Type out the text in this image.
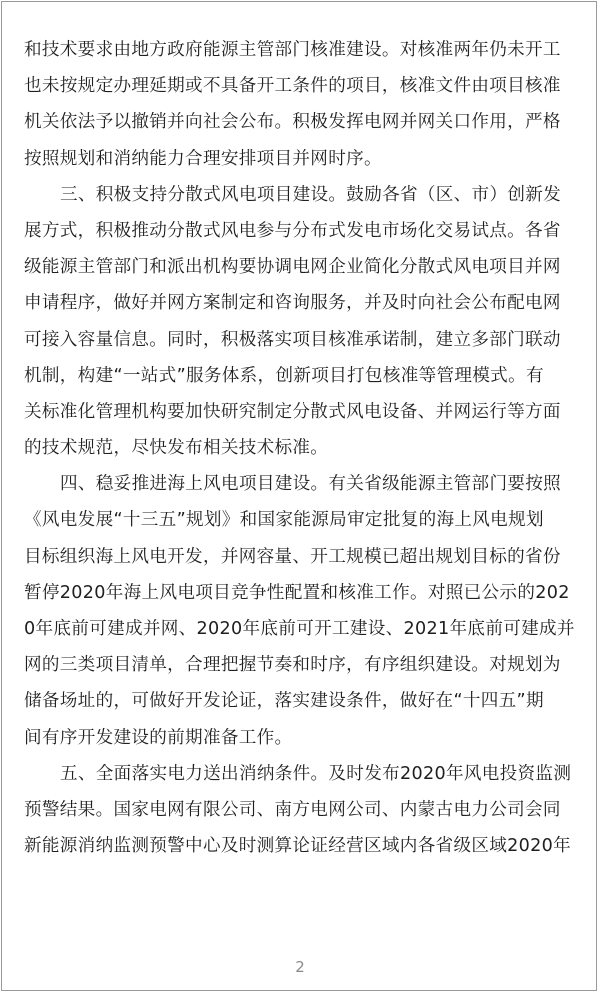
和技术要求由地方政府能源主管部门核准建设。对核准两年仍未开工
也未按规定办理延期或不具备开工条件的项目，核准文件由项目核准
机关依法予以撤销并向社会公布。积极发挥电网并网关口作用，严格
按照规划和消纳能力合理安排项目并网时序。
三、积极支持分散式风电项目建设。鼓励各省（区、市）创新发
展方式，积极推动分散式风电参与分布式发电市场化交易试点。各省
级能源主管部门和派出机构要协调电网企业简化分散式风电项目并网
申请程序，做好并网方案制定和咨询服务，并及时向社会公布配电网
可接入容量信息。同时，积极落实项目核准承诺制，建立多部门联动
机制，构建“一站式”服务体系，创新项目打包核准等管理模式。有
关标准化管理机构要加快研究制定分散式风电设备、并网运行等方面
的技术规范，尽快发布相关技术标准。
四、稳妥推进海上风电项目建设。有关省级能源主管部门要按照
《风电发展“十三五”规划》和国家能源局审定批复的海上风电规划
目标组织海上风电开发，并网容量、开工规模已超出规划目标的省份
暂停2020年海上风电项目竞争性配置和核准工作。对照已公示的202
0年底前可建成并网、2020年底前可开工建设、2021年底前可建成并
网的三类项目清单，合理把握节奏和时序，有序组织建设。对规划为
储备场址的，可做好开发论证，落实建设条件，做好在“十四五”期
间有序开发建设的前期准备工作。
五、全面落实电力送出消纳条件。及时发布2020年风电投资监测
预警结果。国家电网有限公司、南方电网公司、内蒙古电力公司会同
新能源消纳监测预警中心及时测算论证经营区域内各省级区域2020年
2
